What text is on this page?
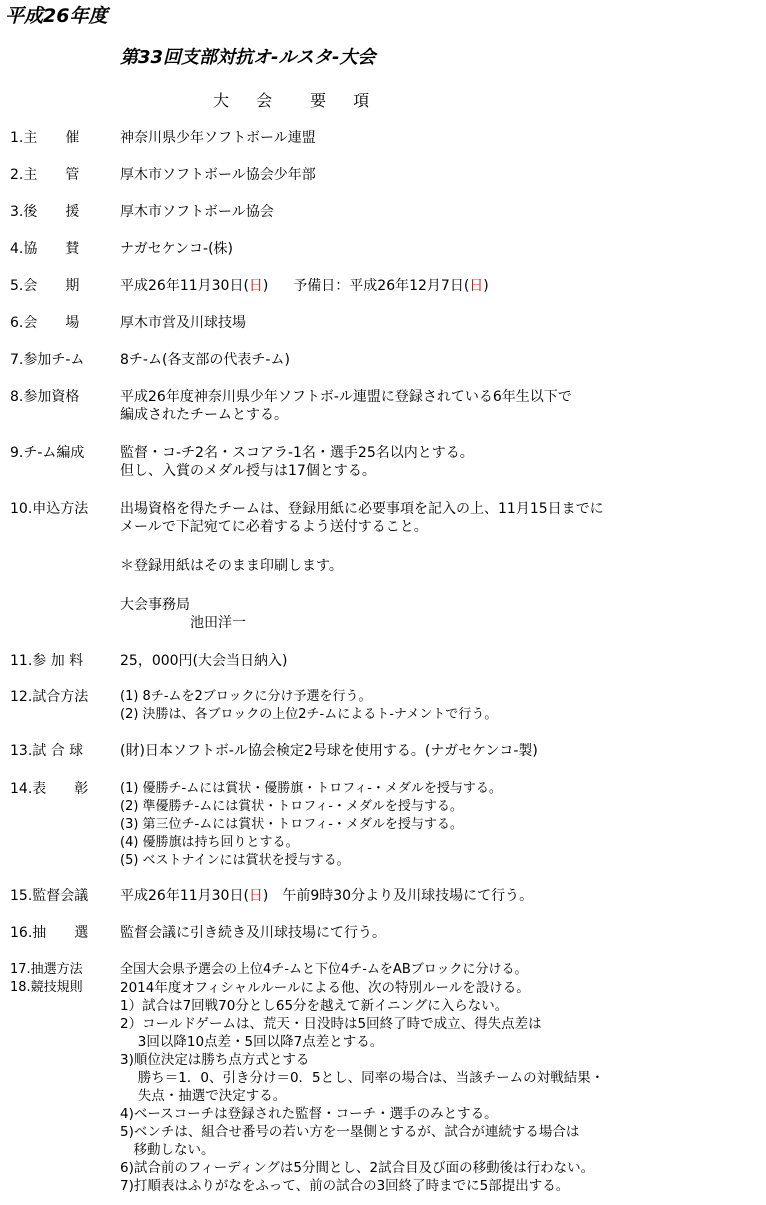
平成26年度
第33回支部対抗オ-ルスタ-大会
大　 会　　要　 項
1.主　　催	神奈川県少年ソフトボール連盟
2.主　　管	厚木市ソフトボール協会少年部
3.後　　援	厚木市ソフトボール協会
4.協　　賛	ナガセケンコ-(株)
5.会　　期	平成26年11月30日(日) 予備日：平成26年12月7日(日)
6.会　　場	厚木市営及川球技場
7.参加チ-ム	8チ-ム(各支部の代表チ-ム)
8.参加資格	平成26年度神奈川県少年ソフトボ-ル連盟に登録されている6年生以下で
編成されたチームとする。
9.チ-ム編成	監督・コ-チ2名・スコアラ-1名・選手25名以内とする。
但し、入賞のメダル授与は17個とする。
10.申込方法 出場資格を得たチームは、登録用紙に必要事項を記入の上、11月15日までに
メールで下記宛てに必着するよう送付すること。
＊登録用紙はそのまま印刷します。
大会事務局
池田洋一
11.参 加 料	25，000円(大会当日納入)
12.試合方法 (1) 8チ-ムを2ブロックに分け予選を行う。
(2) 決勝は、各ブロックの上位2チ-ムによるト-ナメントで行う。
13.試 合 球	(財)日本ソフトボ-ル協会検定2号球を使用する。(ナガセケンコ-製)
14.表　　彰 (1) 優勝チ-ムには賞状・優勝旗・トロフィ-・メダルを授与する。
(2) 準優勝チ-ムには賞状・トロフィ-・メダルを授与する。
(3) 第三位チ-ムには賞状・トロフィ-・メダルを授与する。
(4) 優勝旗は持ち回りとする。
(5) ベストナインには賞状を授与する。
15.監督会議 平成26年11月30日(日)　午前9時30分より及川球技場にて行う。
16.抽　　選 監督会議に引き続き及川球技場にて行う。
17.抽選方法	全国大会県予選会の上位4チ-ムと下位4チ-ムをABブロックに分ける。
18.競技規則	2014年度オフィシャルルールによる他、次の特別ルールを設ける。
1）試合は7回戦70分とし65分を越えて新イニングに入らない。
2）コールドゲームは、荒天・日没時は5回終了時で成立、得失点差は
　 3回以降10点差・5回以降7点差とする。
3)順位決定は勝ち点方式とする
　 勝ち＝1．0、引き分け＝0．5とし、同率の場合は、当該チームの対戦結果・
　 失点・抽選で決定する。
4)ベースコーチは登録された監督・コーチ・選手のみとする。
5)ベンチは、組合せ番号の若い方を一塁側とするが、試合が連続する場合は
　移動しない。
6)試合前のフィーディングは5分間とし、2試合目及び面の移動後は行わない。
7)打順表はふりがなをふって、前の試合の3回終了時までに5部提出する。
